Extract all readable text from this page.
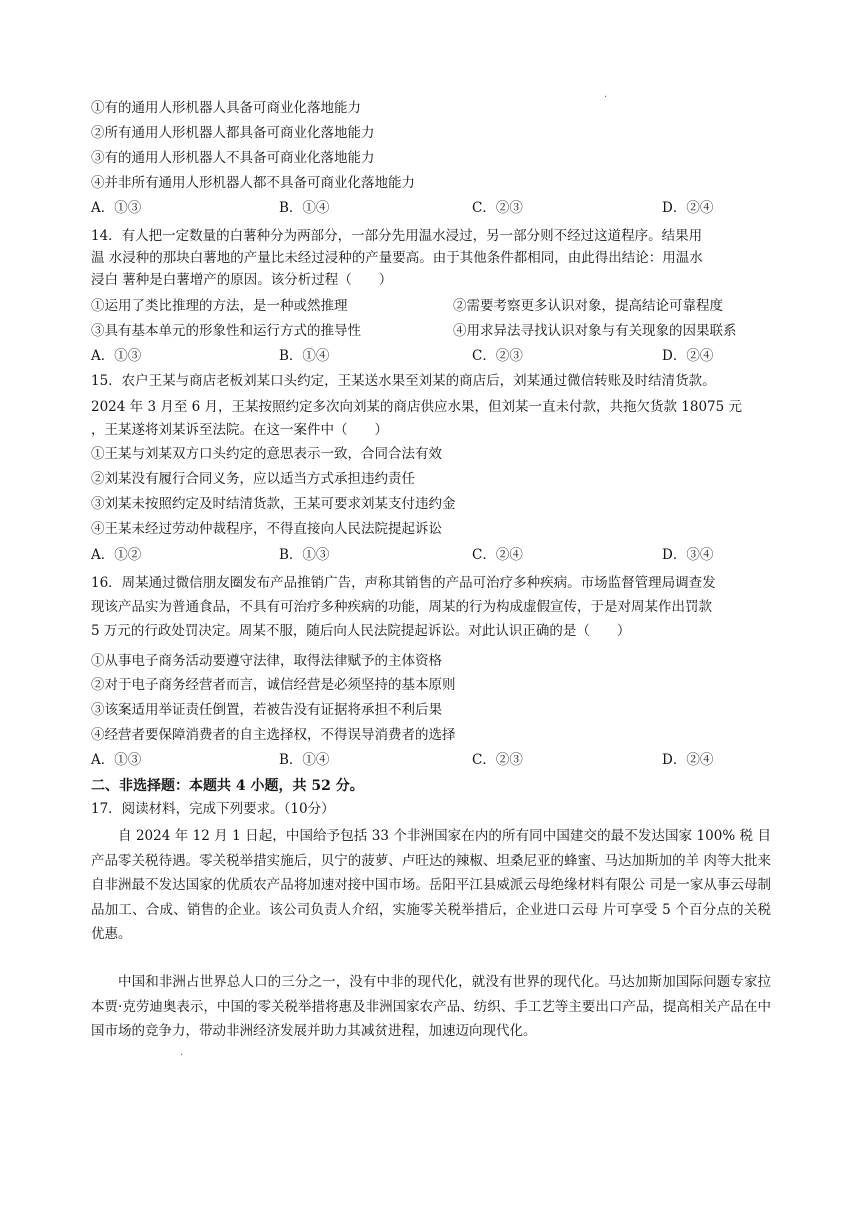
·
①有的通用人形机器人具备可商业化落地能力
②所有通用人形机器人都具备可商业化落地能力
③有的通用人形机器人不具备可商业化落地能力
④并非所有通用人形机器人都不具备可商业化落地能力
A．①③	B．①④	C．②③	D．②④
14．有人把一定数量的白薯种分为两部分，一部分先用温水浸过，另一部分则不经过这道程序。结果用
温 水浸种的那块白薯地的产量比未经过浸种的产量要高。由于其他条件都相同，由此得出结论：用温水
浸白 薯种是白薯增产的原因。该分析过程（　　）
①运用了类比推理的方法，是一种或然推理	②需要考察更多认识对象，提高结论可靠程度
③具有基本单元的形象性和运行方式的推导性	④用求异法寻找认识对象与有关现象的因果联系
A．①③	B．①④	C．②③	D．②④
15．农户王某与商店老板刘某口头约定，王某送水果至刘某的商店后，刘某通过微信转账及时结清货款。
2024 年 3 月至 6 月，王某按照约定多次向刘某的商店供应水果，但刘某一直未付款，共拖欠货款 18075 元
，王某遂将刘某诉至法院。在这一案件中（　　）
①王某与刘某双方口头约定的意思表示一致，合同合法有效
②刘某没有履行合同义务，应以适当方式承担违约责任
③刘某未按照约定及时结清货款，王某可要求刘某支付违约金
④王某未经过劳动仲裁程序，不得直接向人民法院提起诉讼
A．①②	B．①③	C．②④	D．③④
16．周某通过微信朋友圈发布产品推销广告，声称其销售的产品可治疗多种疾病。市场监督管理局调查发
现该产品实为普通食品，不具有可治疗多种疾病的功能，周某的行为构成虚假宣传，于是对周某作出罚款
5 万元的行政处罚决定。周某不服，随后向人民法院提起诉讼。对此认识正确的是（　　）
①从事电子商务活动要遵守法律，取得法律赋予的主体资格
②对于电子商务经营者而言，诚信经营是必须坚持的基本原则
③该案适用举证责任倒置，若被告没有证据将承担不利后果
④经营者要保障消费者的自主选择权，不得误导消费者的选择
A．①③	B．①④	C．②③	D．②④
二、非选择题：本题共 4 小题，共 52 分。
17．阅读材料，完成下列要求。（10分）
自 2024 年 12 月 1 日起，中国给予包括 33 个非洲国家在内的所有同中国建交的最不发达国家 100% 税 目产品零关税待遇。零关税举措实施后，贝宁的菠萝、卢旺达的辣椒、坦桑尼亚的蜂蜜、马达加斯加的羊 肉等大批来自非洲最不发达国家的优质农产品将加速对接中国市场。岳阳平江县威派云母绝缘材料有限公 司是一家从事云母制品加工、合成、销售的企业。该公司负责人介绍，实施零关税举措后，企业进口云母 片可享受 5 个百分点的关税优惠。
中国和非洲占世界总人口的三分之一，没有中非的现代化，就没有世界的现代化。马达加斯加国际问题专家拉本贾·克劳迪奥表示，中国的零关税举措将惠及非洲国家农产品、纺织、手工艺等主要出口产品，提高相关产品在中国市场的竞争力，带动非洲经济发展并助力其减贫进程，加速迈向现代化。
·
